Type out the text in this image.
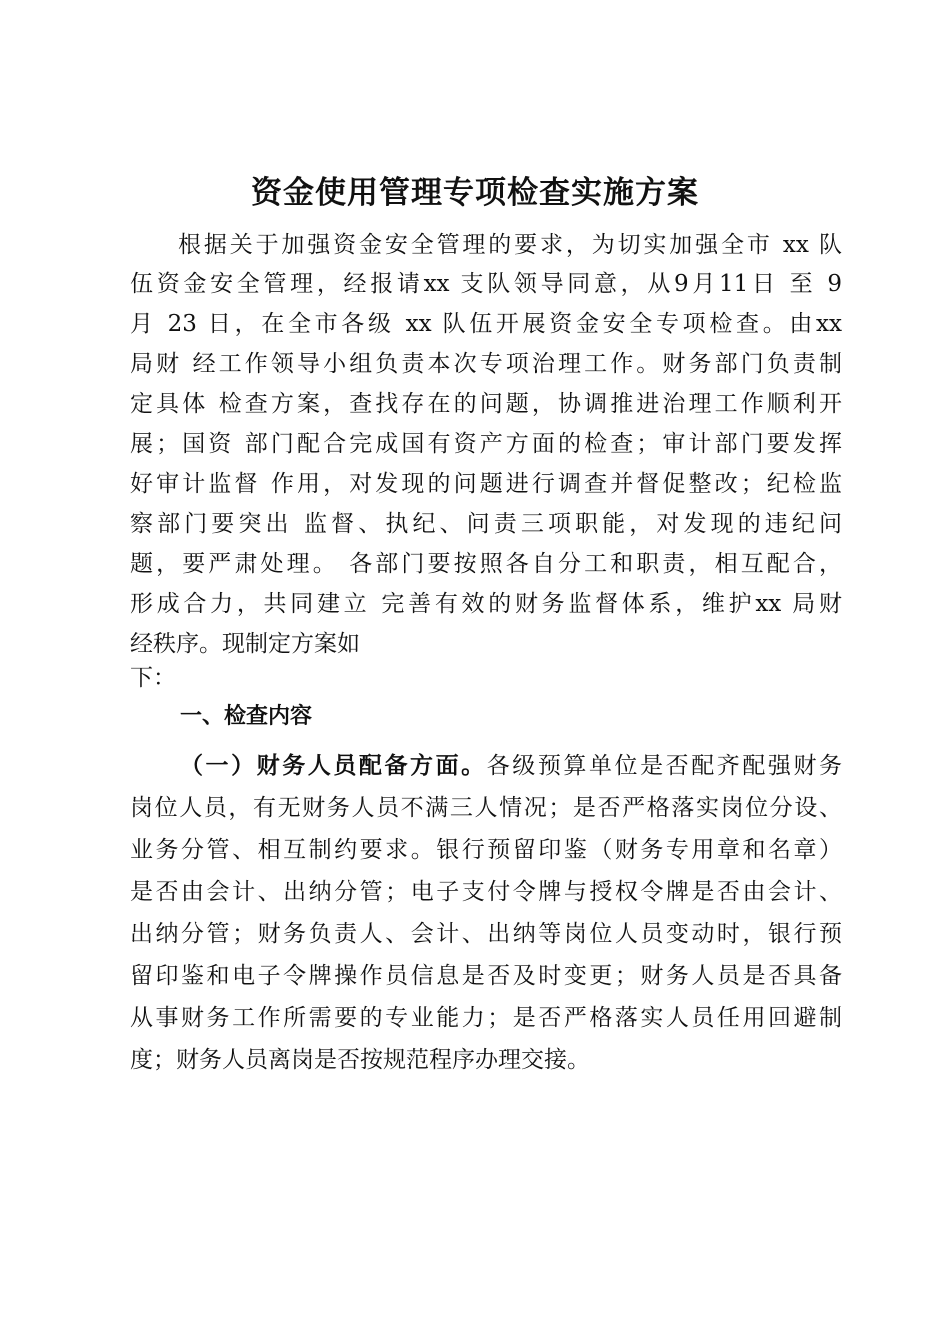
资金使用管理专项检查实施方案

根据关于加强资金安全管理的要求，为切实加强全市 xx 队

伍资金安全管理，经报请xx 支队领导同意，从9月11日 至 9

月 23 日，在全市各级 xx 队伍开展资金安全专项检查。由xx

局财 经工作领导小组负责本次专项治理工作。财务部门负责制

定具体 检查方案，查找存在的问题，协调推进治理工作顺利开

展；国资 部门配合完成国有资产方面的检查；审计部门要发挥

好审计监督 作用，对发现的问题进行调查并督促整改；纪检监

察部门要突出 监督、执纪、问责三项职能，对发现的违纪问

题，要严肃处理。 各部门要按照各自分工和职责，相互配合，

形成合力，共同建立 完善有效的财务监督体系，维护xx 局财

经秩序。现制定方案如

下：

一、检查内容

（一）财务人员配备方面。各级预算单位是否配齐配强财务

岗位人员，有无财务人员不满三人情况；是否严格落实岗位分设、

业务分管、相互制约要求。银行预留印鉴（财务专用章和名章）

是否由会计、出纳分管；电子支付令牌与授权令牌是否由会计、

出纳分管；财务负责人、会计、出纳等岗位人员变动时，银行预

留印鉴和电子令牌操作员信息是否及时变更；财务人员是否具备

从事财务工作所需要的专业能力；是否严格落实人员任用回避制

度；财务人员离岗是否按规范程序办理交接。
